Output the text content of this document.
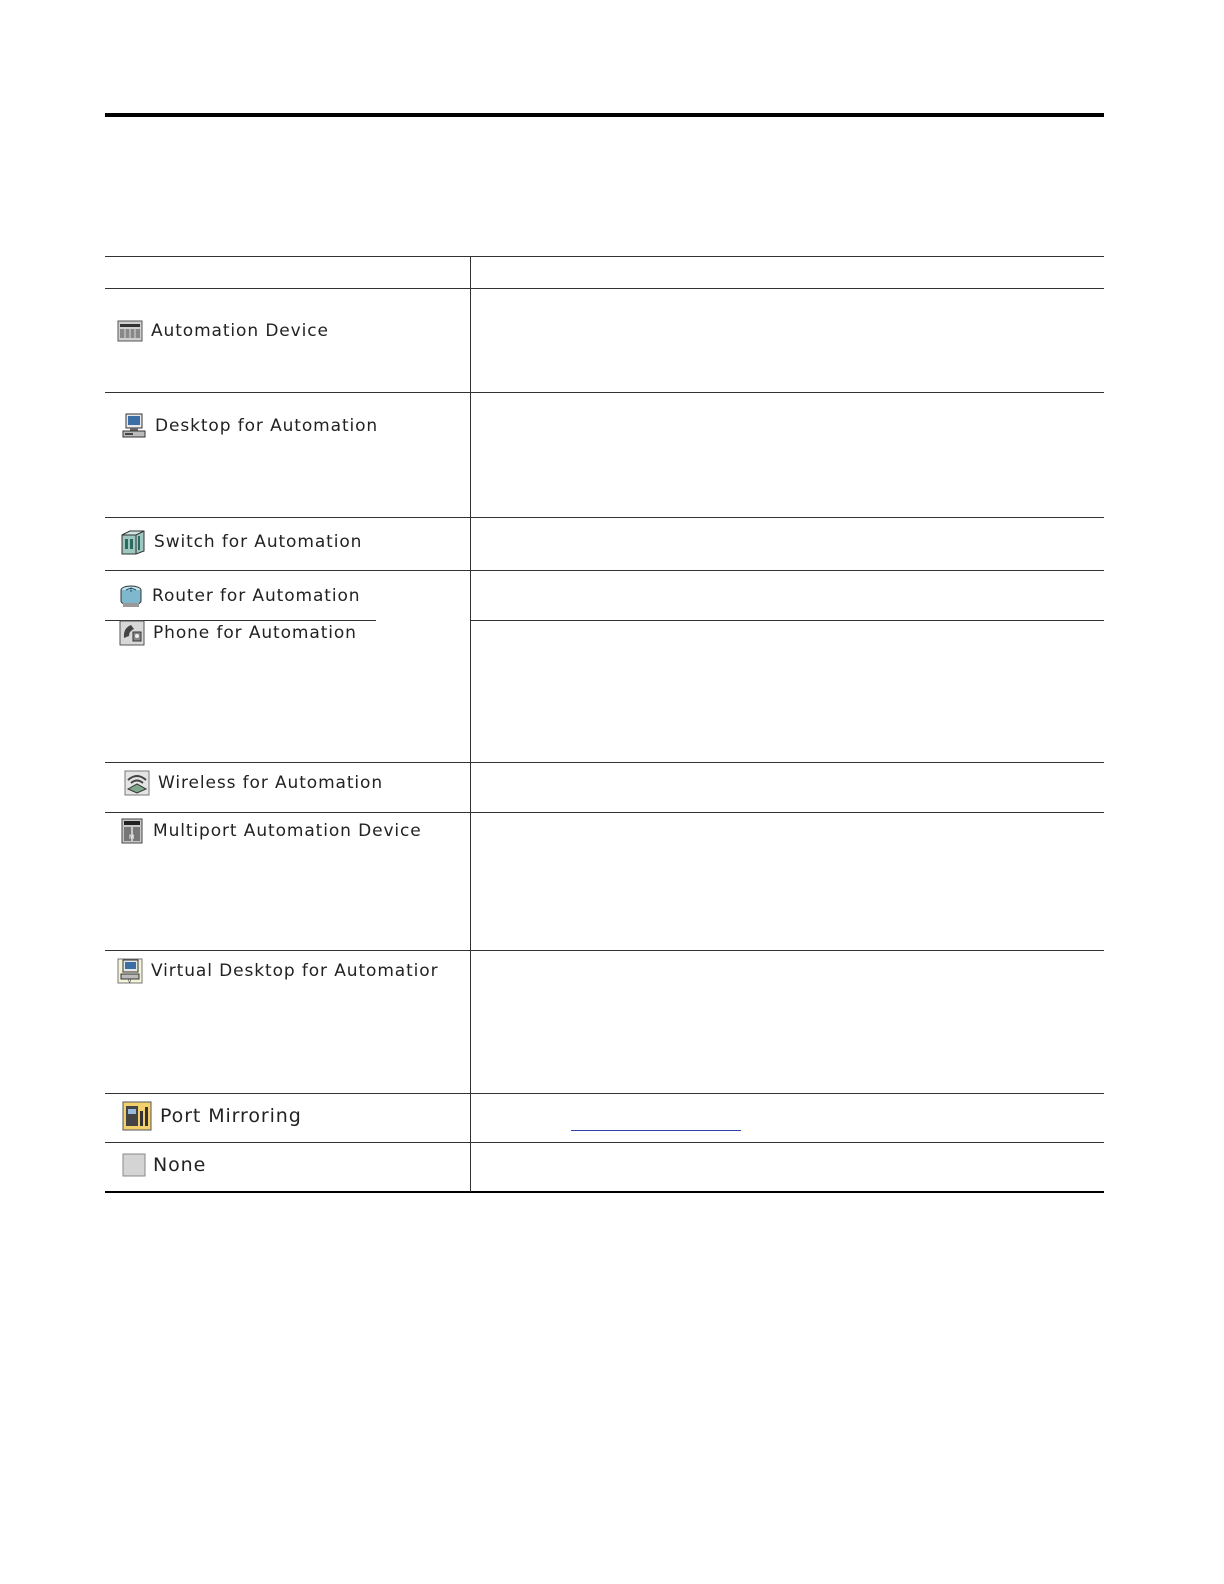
Automation Device
Desktop for Automation
Switch for Automation
Router for Automation
Phone for Automation
Wireless for Automation
M Multiport Automation Device
V
Virtual Desktop for Automatior
Port Mirroring
None
